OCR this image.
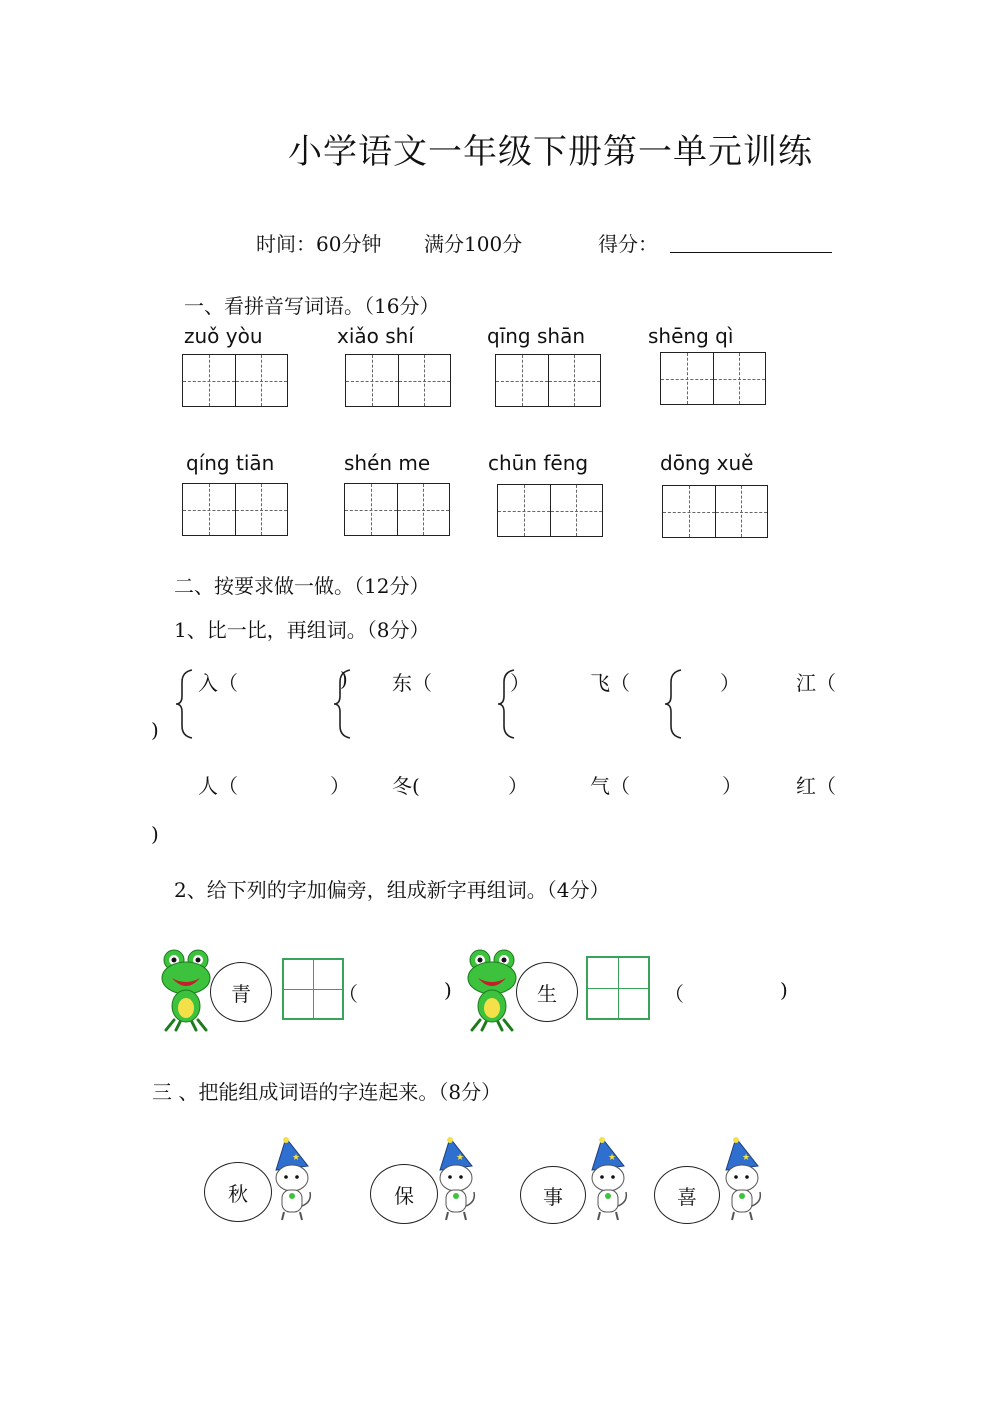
小学语文一年级下册第一单元训练
时间：60分钟 满分100分	得分：
一、看拼音写词语。（16分）
zuǒ yòu	xiǎo shí	qīng shān	shēng qì
qíng tiān	shén me	chūn fēng	dōng xuě
二、按要求做一做。（12分）
1、比一比，再组词。（8分）
入（	) 东（	）	飞（	）	江（
)
人（	） 冬(	）	气（	）	红（
)
2、给下列的字加偏旁，组成新字再组词。（4分）
青	（	)	生	（	)
三 、把能组成词语的字连起来。（8分）
秋
★
保
★
事
★
喜
★
